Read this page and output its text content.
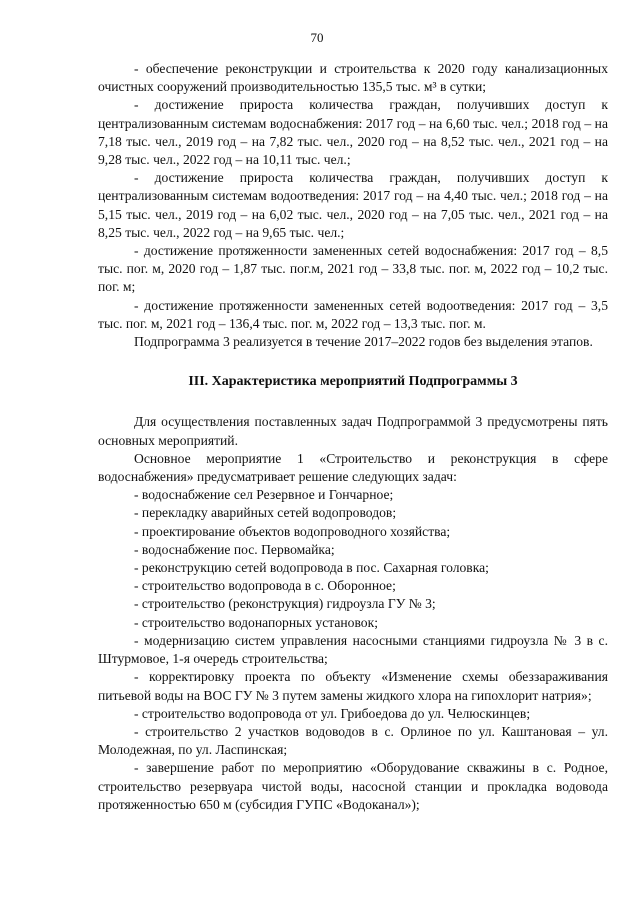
70

- обеспечение реконструкции и строительства к 2020 году канализационных очистных сооружений производительностью 135,5 тыс. м³ в сутки;

- достижение прироста количества граждан, получивших доступ к централизованным системам водоснабжения: 2017 год – на 6,60 тыс. чел.; 2018 год – на 7,18 тыс. чел., 2019 год – на 7,82 тыс. чел., 2020 год – на 8,52 тыс. чел., 2021 год – на 9,28 тыс. чел., 2022 год – на 10,11 тыс. чел.;

- достижение прироста количества граждан, получивших доступ к централизованным системам водоотведения: 2017 год – на 4,40 тыс. чел.; 2018 год – на 5,15 тыс. чел., 2019 год – на 6,02 тыс. чел., 2020 год – на 7,05 тыс. чел., 2021 год – на 8,25 тыс. чел., 2022 год – на 9,65 тыс. чел.;

- достижение протяженности замененных сетей водоснабжения: 2017 год – 8,5 тыс. пог. м, 2020 год – 1,87 тыс. пог.м, 2021 год – 33,8 тыс. пог. м, 2022 год – 10,2 тыс. пог. м;

- достижение протяженности замененных сетей водоотведения: 2017 год – 3,5 тыс. пог. м, 2021 год – 136,4 тыс. пог. м, 2022 год – 13,3 тыс. пог. м.

Подпрограмма 3 реализуется в течение 2017–2022 годов без выделения этапов.

III. Характеристика мероприятий Подпрограммы 3

Для осуществления поставленных задач Подпрограммой 3 предусмотрены пять основных мероприятий.

Основное мероприятие 1 «Строительство и реконструкция в сфере водоснабжения» предусматривает решение следующих задач:

- водоснабжение сел Резервное и Гончарное;

- перекладку аварийных сетей водопроводов;

- проектирование объектов водопроводного хозяйства;

- водоснабжение пос. Первомайка;

- реконструкцию сетей водопровода в пос. Сахарная головка;

- строительство водопровода в с. Оборонное;

- строительство (реконструкция) гидроузла ГУ № 3;

- строительство водонапорных установок;

- модернизацию систем управления насосными станциями гидроузла № 3 в с. Штурмовое, 1-я очередь строительства;

- корректировку проекта по объекту «Изменение схемы обеззараживания питьевой воды на ВОС ГУ № 3 путем замены жидкого хлора на гипохлорит натрия»;

- строительство водопровода от ул. Грибоедова до ул. Челюскинцев;

- строительство 2 участков водоводов в с. Орлиное по ул. Каштановая – ул. Молодежная, по ул. Ласпинская;

- завершение работ по мероприятию «Оборудование скважины в с. Родное, строительство резервуара чистой воды, насосной станции и прокладка водовода протяженностью 650 м (субсидия ГУПС «Водоканал»);
